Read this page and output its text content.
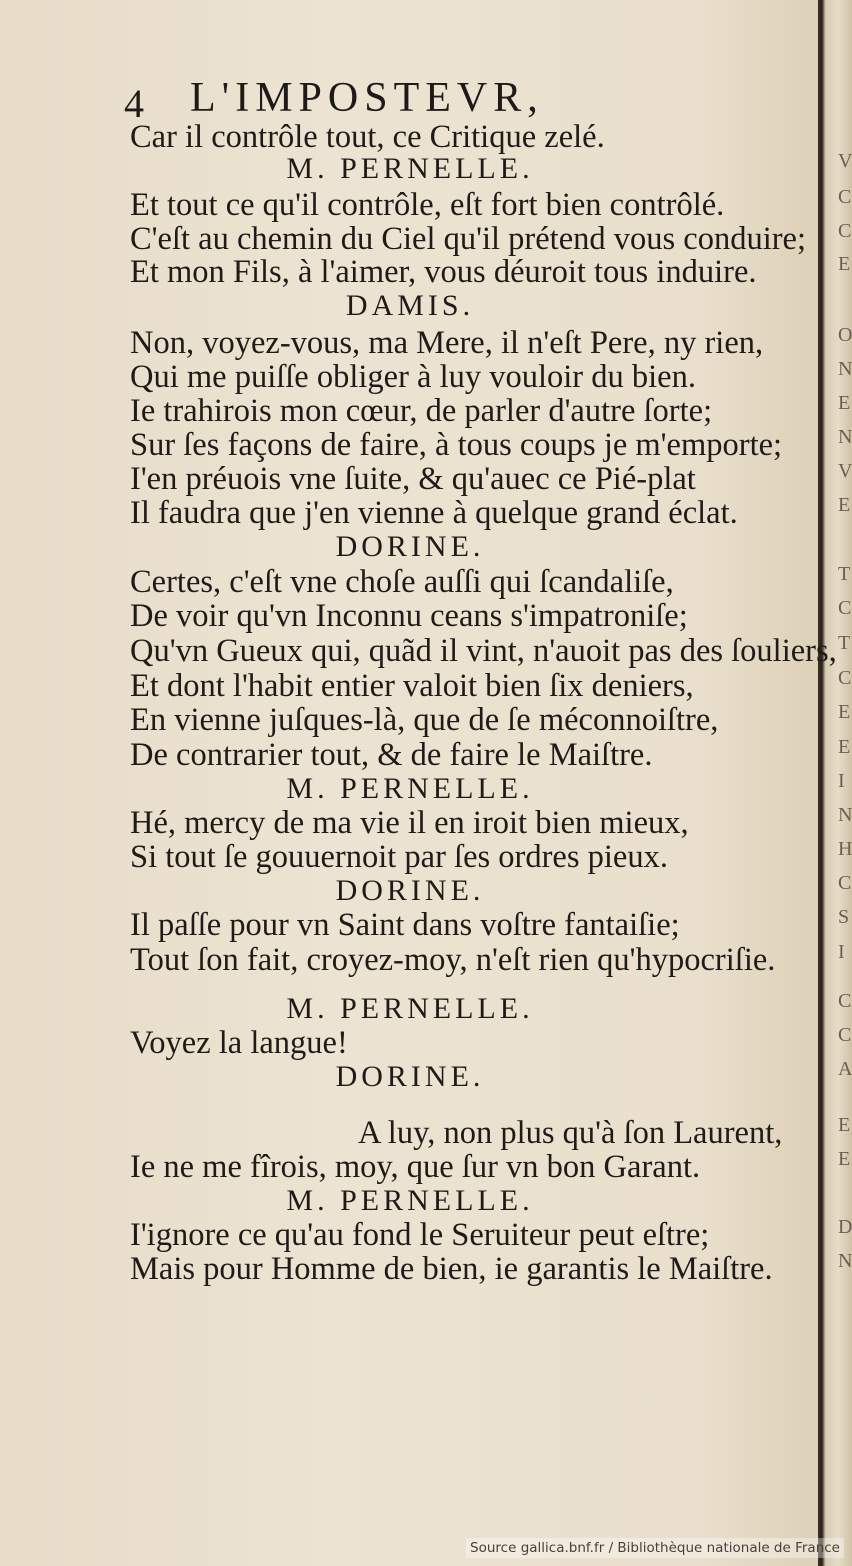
V
C
C
E
O
N
E
N
V
E
T
C
T
C
E
E
I
N
H
C
S
I
C
C
A
E
E
D
N
4 L'IMPOSTEVR,
Car il contrôle tout, ce Critique zelé.
M. PERNELLE.
Et tout ce qu'il contrôle, eſt fort bien contrôlé.
C'eſt au chemin du Ciel qu'il prétend vous conduire;
Et mon Fils, à l'aimer, vous déuroit tous induire.
DAMIS.
Non, voyez-vous, ma Mere, il n'eſt Pere, ny rien,
Qui me puiſſe obliger à luy vouloir du bien.
Ie trahirois mon cœur, de parler d'autre ſorte;
Sur ſes façons de faire, à tous coups je m'emporte;
I'en préuois vne ſuite, & qu'auec ce Pié-plat
Il faudra que j'en vienne à quelque grand éclat.
DORINE.
Certes, c'eſt vne choſe auſſi qui ſcandaliſe,
De voir qu'vn Inconnu ceans s'impatroniſe;
Qu'vn Gueux qui, quãd il vint, n'auoit pas des ſouliers,
Et dont l'habit entier valoit bien ſix deniers,
En vienne juſques-là, que de ſe méconnoiſtre,
De contrarier tout, & de faire le Maiſtre.
M. PERNELLE.
Hé, mercy de ma vie il en iroit bien mieux,
Si tout ſe gouuernoit par ſes ordres pieux.
DORINE.
Il paſſe pour vn Saint dans voſtre fantaiſie;
Tout ſon fait, croyez-moy, n'eſt rien qu'hypocriſie.
M. PERNELLE.
Voyez la langue!
DORINE.
A luy, non plus qu'à ſon Laurent,
Ie ne me fîrois, moy, que ſur vn bon Garant.
M. PERNELLE.
I'ignore ce qu'au fond le Seruiteur peut eſtre;
Mais pour Homme de bien, ie garantis le Maiſtre.
Source gallica.bnf.fr / Bibliothèque nationale de France
